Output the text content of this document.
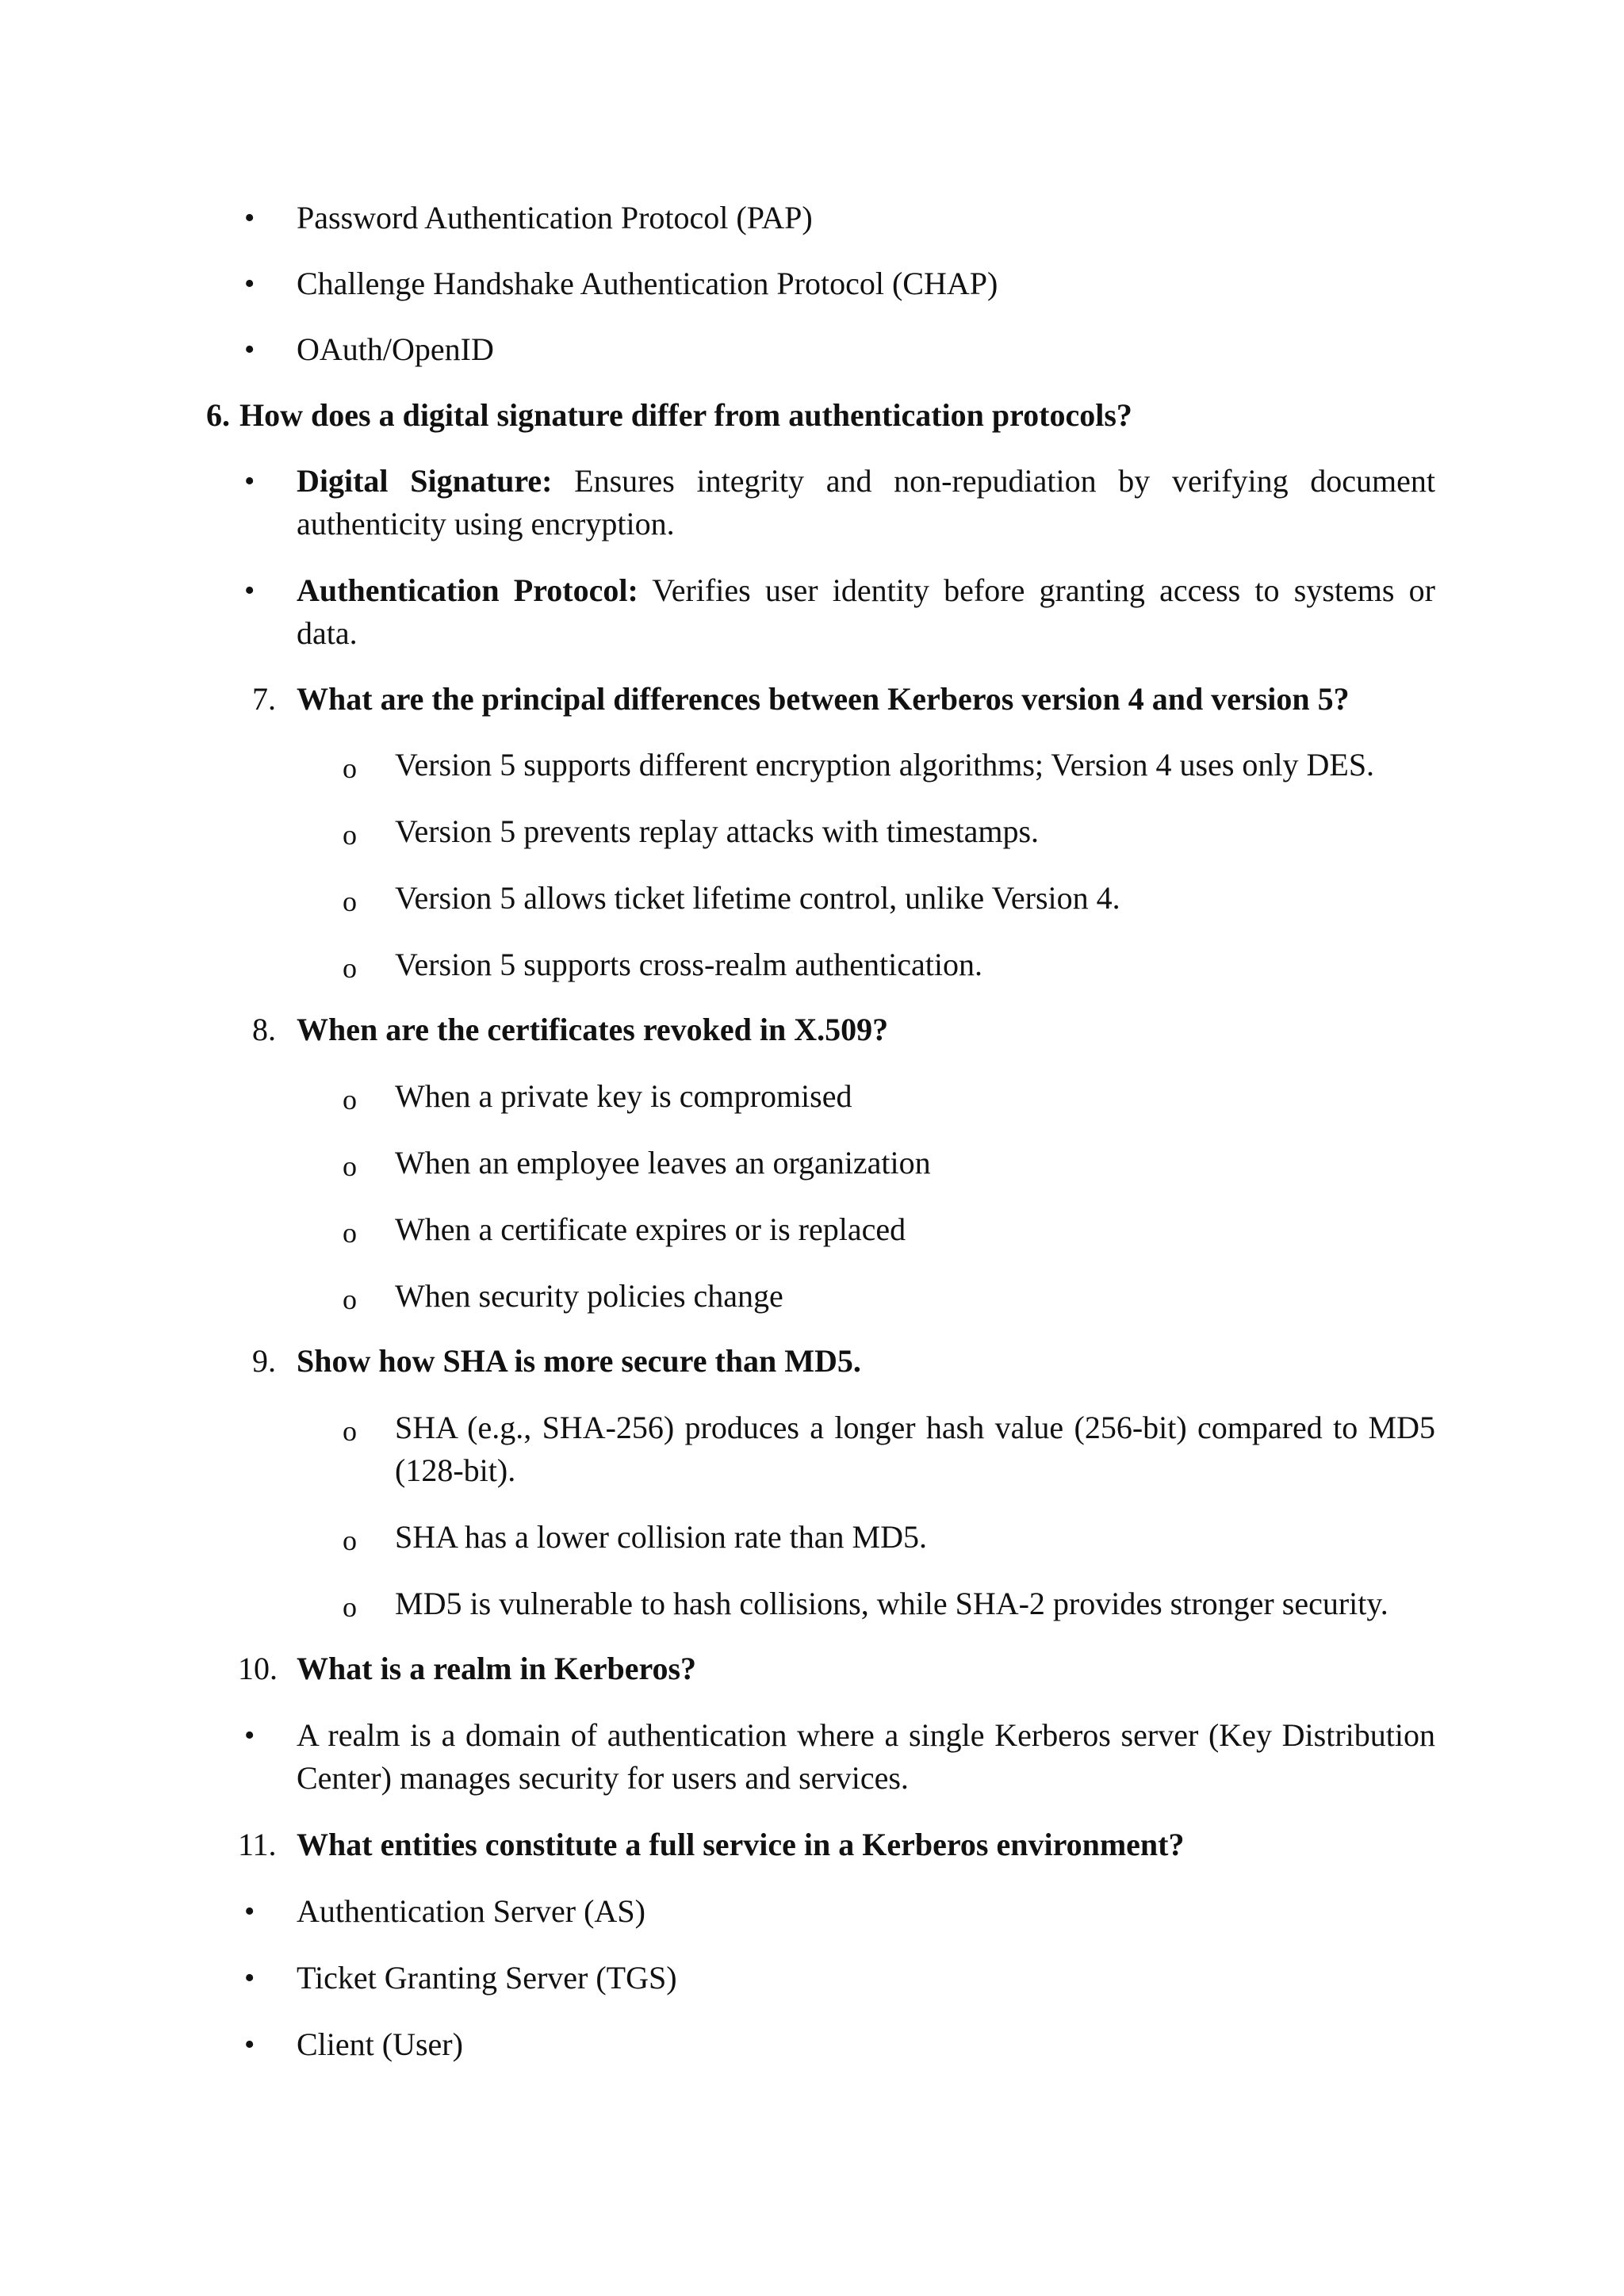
• Password Authentication Protocol (PAP)
• Challenge Handshake Authentication Protocol (CHAP)
• OAuth/OpenID
6. How does a digital signature differ from authentication protocols?
• Digital Signature: Ensures integrity and non-repudiation by verifying document authenticity using encryption.
• Authentication Protocol: Verifies user identity before granting access to systems or data.
7. What are the principal differences between Kerberos version 4 and version 5?
o Version 5 supports different encryption algorithms; Version 4 uses only DES.
o Version 5 prevents replay attacks with timestamps.
o Version 5 allows ticket lifetime control, unlike Version 4.
o Version 5 supports cross-realm authentication.
8. When are the certificates revoked in X.509?
o When a private key is compromised
o When an employee leaves an organization
o When a certificate expires or is replaced
o When security policies change
9. Show how SHA is more secure than MD5.
o SHA (e.g., SHA-256) produces a longer hash value (256-bit) compared to MD5 (128-bit).
o SHA has a lower collision rate than MD5.
o MD5 is vulnerable to hash collisions, while SHA-2 provides stronger security.
10. What is a realm in Kerberos?
• A realm is a domain of authentication where a single Kerberos server (Key Distribution Center) manages security for users and services.
11. What entities constitute a full service in a Kerberos environment?
• Authentication Server (AS)
• Ticket Granting Server (TGS)
• Client (User)
